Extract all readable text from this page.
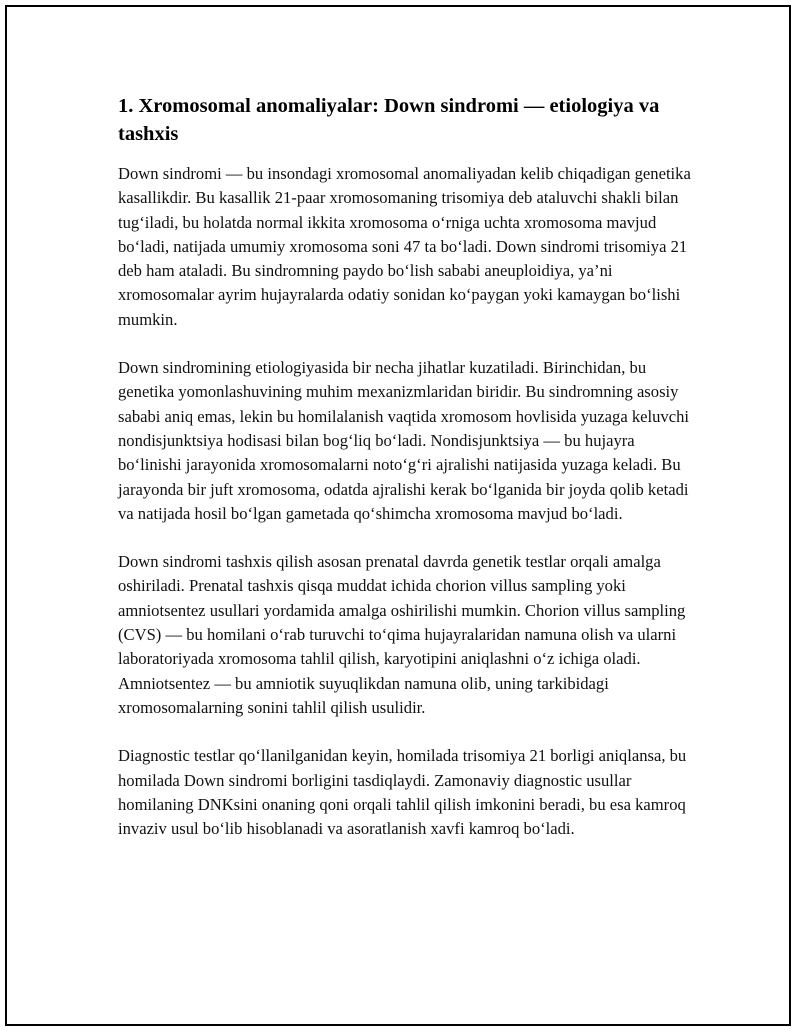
1. Xromosomal anomaliyalar: Down sindromi — etiologiya va tashxis

Down sindromi — bu insondagi xromosomal anomaliyadan kelib chiqadigan genetika kasallikdir. Bu kasallik 21-paar xromosomaning trisomiya deb ataluvchi shakli bilan tug‘iladi, bu holatda normal ikkita xromosoma o‘rniga uchta xromosoma mavjud bo‘ladi, natijada umumiy xromosoma soni 47 ta bo‘ladi. Down sindromi trisomiya 21 deb ham ataladi. Bu sindromning paydo bo‘lish sababi aneuploidiya, ya’ni xromosomalar ayrim hujayralarda odatiy sonidan ko‘paygan yoki kamaygan bo‘lishi mumkin.

Down sindromining etiologiyasida bir necha jihatlar kuzatiladi. Birinchidan, bu genetika yomonlashuvining muhim mexanizmlaridan biridir. Bu sindromning asosiy sababi aniq emas, lekin bu homilalanish vaqtida xromosom hovlisida yuzaga keluvchi nondisjunktsiya hodisasi bilan bog‘liq bo‘ladi. Nondisjunktsiya — bu hujayra bo‘linishi jarayonida xromosomalarni noto‘g‘ri ajralishi natijasida yuzaga keladi. Bu jarayonda bir juft xromosoma, odatda ajralishi kerak bo‘lganida bir joyda qolib ketadi va natijada hosil bo‘lgan gametada qo‘shimcha xromosoma mavjud bo‘ladi.

Down sindromi tashxis qilish asosan prenatal davrda genetik testlar orqali amalga oshiriladi. Prenatal tashxis qisqa muddat ichida chorion villus sampling yoki amniotsentez usullari yordamida amalga oshirilishi mumkin. Chorion villus sampling (CVS) — bu homilani o‘rab turuvchi to‘qima hujayralaridan namuna olish va ularni laboratoriyada xromosoma tahlil qilish, karyotipini aniqlashni o‘z ichiga oladi. Amniotsentez — bu amniotik suyuqlikdan namuna olib, uning tarkibidagi xromosomalarning sonini tahlil qilish usulidir.

Diagnostic testlar qo‘llanilganidan keyin, homilada trisomiya 21 borligi aniqlansa, bu homilada Down sindromi borligini tasdiqlaydi. Zamonaviy diagnostic usullar homilaning DNKsini onaning qoni orqali tahlil qilish imkonini beradi, bu esa kamroq invaziv usul bo‘lib hisoblanadi va asoratlanish xavfi kamroq bo‘ladi.
